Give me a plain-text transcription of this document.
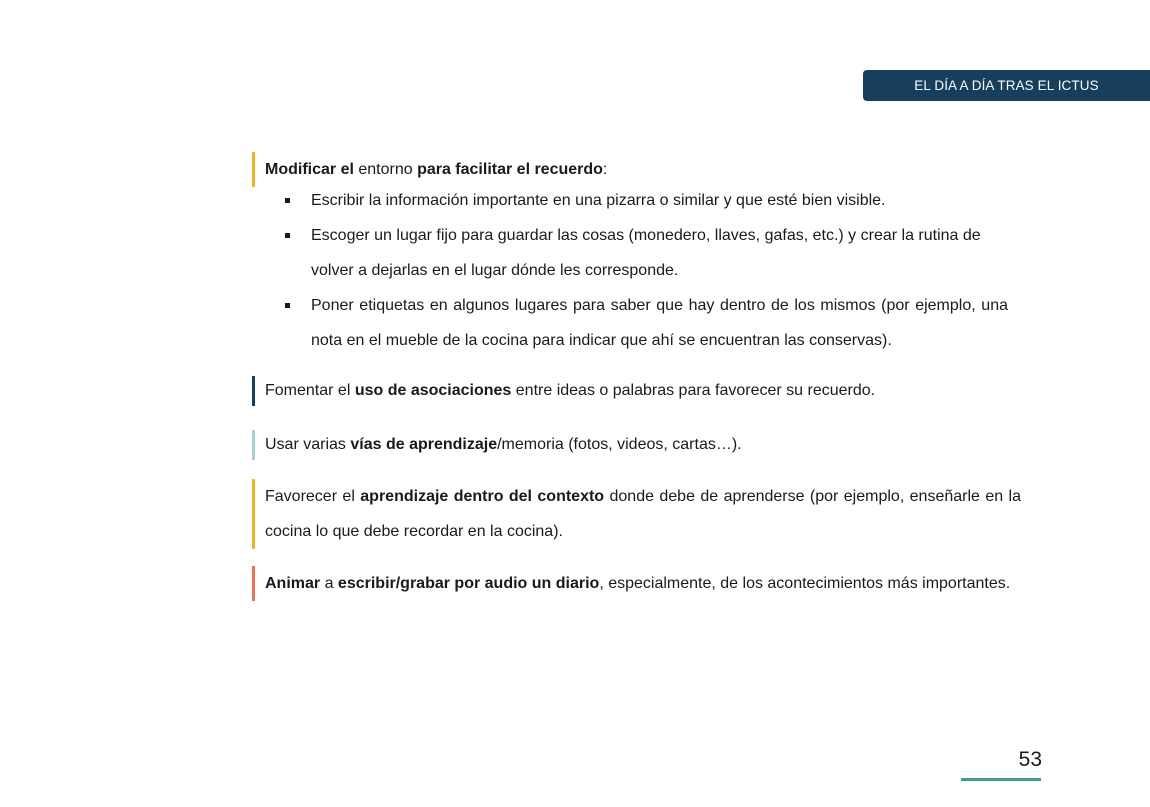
EL DÍA A DÍA TRAS EL ICTUS

Modificar el entorno para facilitar el recuerdo:

Escribir la información importante en una pizarra o similar y que esté bien visible.
Escoger un lugar fijo para guardar las cosas (monedero, llaves, gafas, etc.) y crear la rutina de volver a dejarlas en el lugar dónde les corresponde.
Poner etiquetas en algunos lugares para saber que hay dentro de los mismos (por ejemplo, una nota en el mueble de la cocina para indicar que ahí se encuentran las conservas).

Fomentar el uso de asociaciones entre ideas o palabras para favorecer su recuerdo.

Usar varias vías de aprendizaje/memoria (fotos, videos, cartas…).

Favorecer el aprendizaje dentro del contexto donde debe de aprenderse (por ejemplo, enseñarle en la cocina lo que debe recordar en la cocina).

Animar a escribir/grabar por audio un diario, especialmente, de los acontecimientos más importantes.

53
